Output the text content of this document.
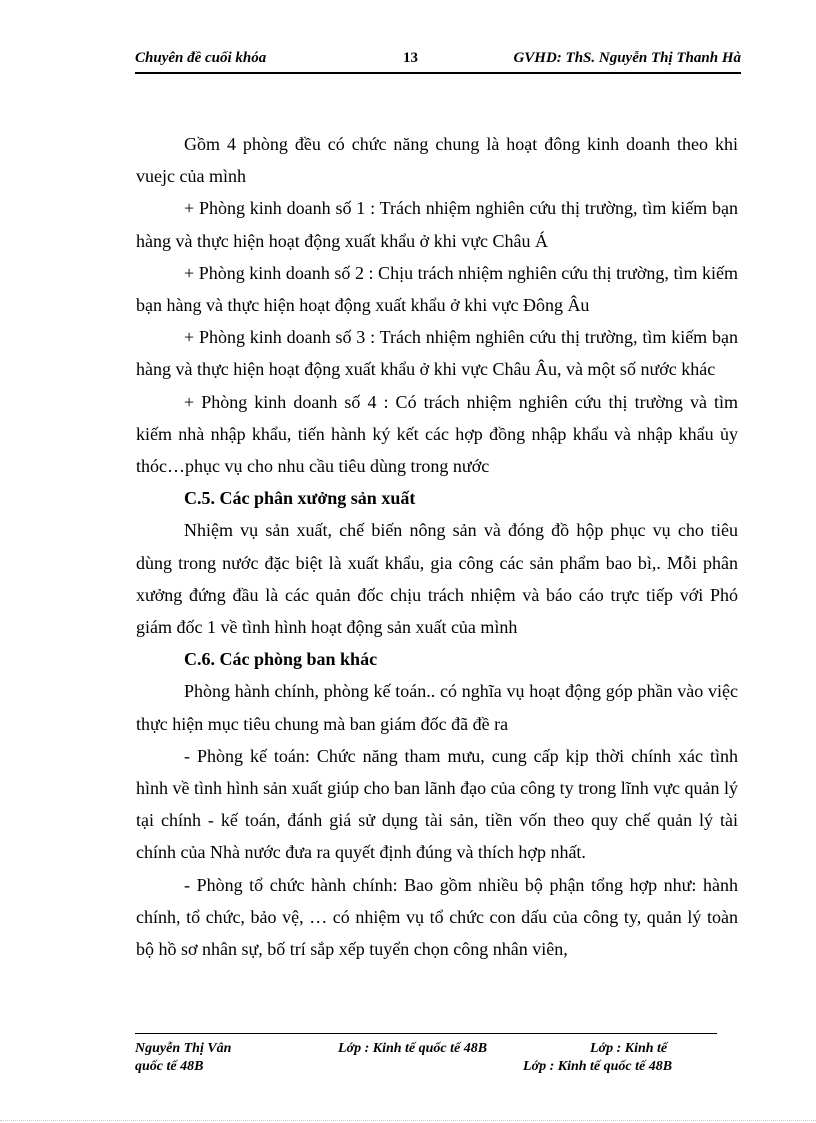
Chuyên đề cuối khóa	13	GVHD: ThS. Nguyễn Thị Thanh Hà

Gồm 4 phòng đều có chức năng chung là hoạt đông kinh doanh theo khi vuejc của mình

+ Phòng kinh doanh số 1 : Trách nhiệm nghiên cứu thị trường, tìm kiếm bạn hàng và thực hiện hoạt động xuất khẩu ở khi vực Châu Á

+ Phòng kinh doanh số 2 : Chịu trách nhiệm nghiên cứu thị trường, tìm kiếm bạn hàng và thực hiện hoạt động xuất khẩu ở khi vực Đông Âu

+ Phòng kinh doanh số 3 : Trách nhiệm nghiên cứu thị trường, tìm kiếm bạn hàng và thực hiện hoạt động xuất khẩu ở khi vực Châu Âu, và một số nước khác

+ Phòng kinh doanh số 4 : Có trách nhiệm nghiên cứu thị trường và tìm kiếm nhà nhập khẩu, tiến hành ký kết các hợp đồng nhập khẩu và nhập khẩu ủy thóc…phục vụ cho nhu cầu tiêu dùng trong nước

C.5. Các phân xưởng sản xuất

Nhiệm vụ sản xuất, chế biến nông sản và đóng đồ hộp phục vụ cho tiêu dùng trong nước đặc biệt là xuất khẩu, gia công các sản phẩm bao bì,. Mỗi phân xưởng đứng đầu là các quản đốc chịu trách nhiệm và báo cáo trực tiếp với Phó giám đốc 1 về tình hình hoạt động sản xuất của mình

C.6. Các phòng ban khác

Phòng hành chính, phòng kế toán.. có nghĩa vụ hoạt động góp phần vào việc thực hiện mục tiêu chung mà ban giám đốc đã đề ra

- Phòng kế toán: Chức năng tham mưu, cung cấp kịp thời chính xác tình hình về tình hình sản xuất giúp cho ban lãnh đạo của công ty trong lĩnh vực quản lý tại chính - kế toán, đánh giá sử dụng tài sản, tiền vốn theo quy chế quản lý tài chính của Nhà nước đưa ra quyết định đúng và thích hợp nhất.

- Phòng tổ chức hành chính: Bao gồm nhiều bộ phận tổng hợp như: hành chính, tổ chức, bảo vệ, … có nhiệm vụ tổ chức con dấu của công ty, quản lý toàn bộ hồ sơ nhân sự, bố trí sắp xếp tuyển chọn công nhân viên,

Nguyễn Thị Vân	Lớp : Kinh tế quốc tế 48B	Lớp : Kinh tế
quốc tế 48B	Lớp : Kinh tế quốc tế 48B
